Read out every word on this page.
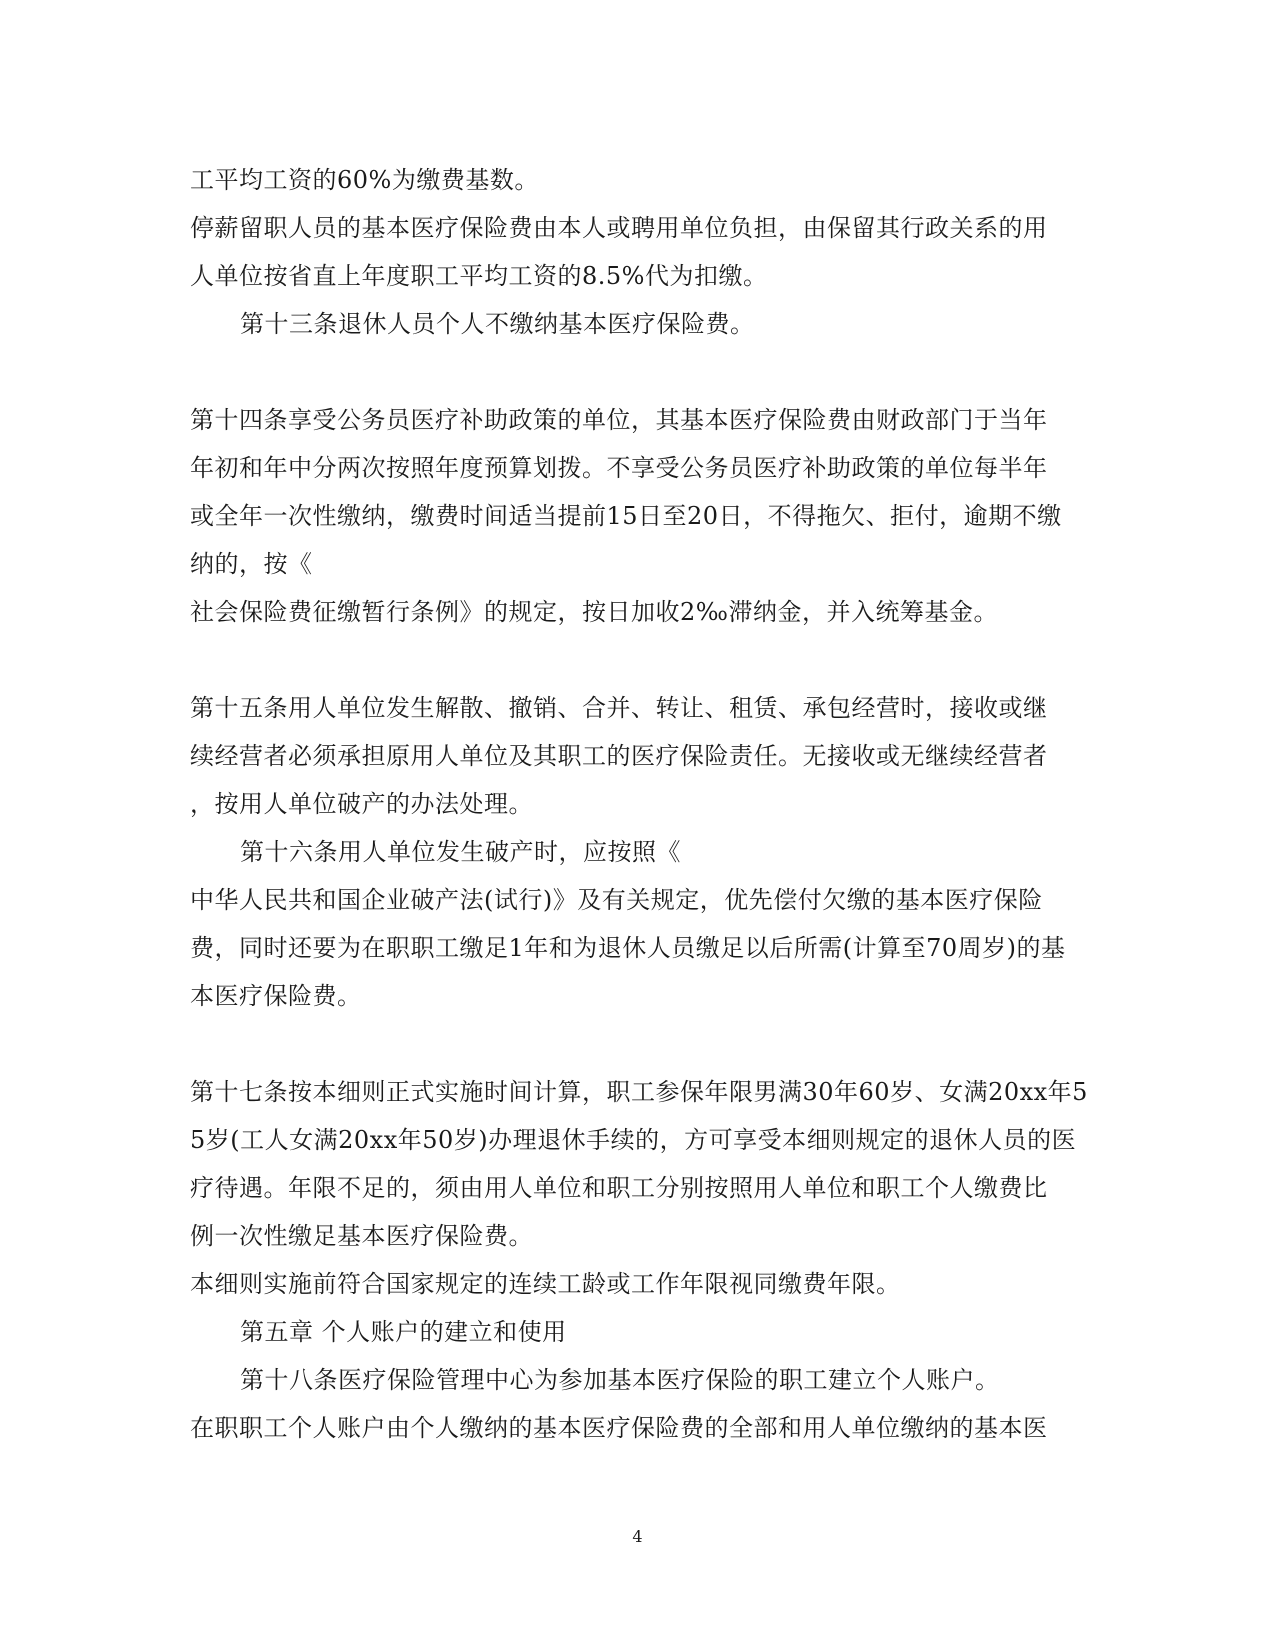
工平均工资的60%为缴费基数。
停薪留职人员的基本医疗保险费由本人或聘用单位负担，由保留其行政关系的用
人单位按省直上年度职工平均工资的8.5%代为扣缴。
第十三条退休人员个人不缴纳基本医疗保险费。
第十四条享受公务员医疗补助政策的单位，其基本医疗保险费由财政部门于当年
年初和年中分两次按照年度预算划拨。不享受公务员医疗补助政策的单位每半年
或全年一次性缴纳，缴费时间适当提前15日至20日，不得拖欠、拒付，逾期不缴
纳的，按《
社会保险费征缴暂行条例》的规定，按日加收2‰滞纳金，并入统筹基金。
第十五条用人单位发生解散、撤销、合并、转让、租赁、承包经营时，接收或继
续经营者必须承担原用人单位及其职工的医疗保险责任。无接收或无继续经营者
，按用人单位破产的办法处理。
第十六条用人单位发生破产时，应按照《
中华人民共和国企业破产法(试行)》及有关规定，优先偿付欠缴的基本医疗保险
费，同时还要为在职职工缴足1年和为退休人员缴足以后所需(计算至70周岁)的基
本医疗保险费。
第十七条按本细则正式实施时间计算，职工参保年限男满30年60岁、女满20xx年5
5岁(工人女满20xx年50岁)办理退休手续的，方可享受本细则规定的退休人员的医
疗待遇。年限不足的，须由用人单位和职工分别按照用人单位和职工个人缴费比
例一次性缴足基本医疗保险费。
本细则实施前符合国家规定的连续工龄或工作年限视同缴费年限。
第五章 个人账户的建立和使用
第十八条医疗保险管理中心为参加基本医疗保险的职工建立个人账户。
在职职工个人账户由个人缴纳的基本医疗保险费的全部和用人单位缴纳的基本医
4
